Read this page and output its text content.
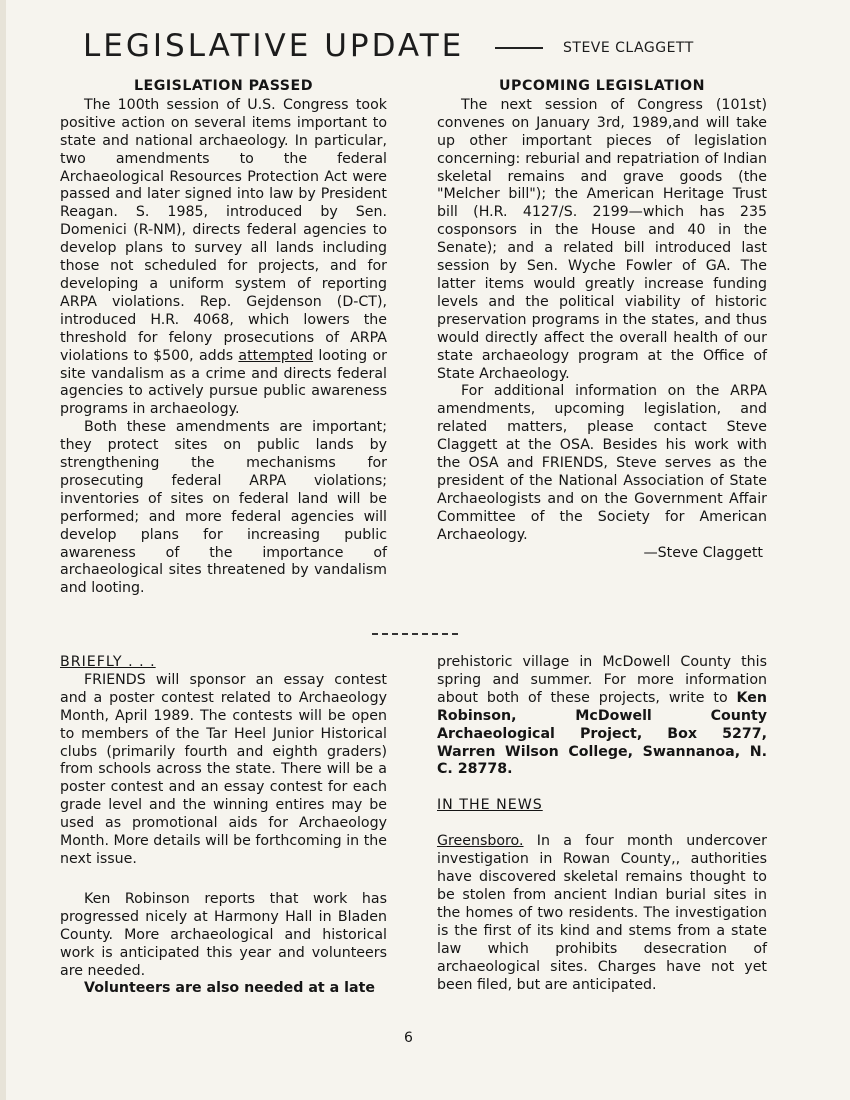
LEGISLATIVE UPDATE	STEVE CLAGGETT
LEGISLATION PASSED

The 100th session of U.S. Congress took positive action on several items important to state and national archaeology. In particular, two amendments to the federal Archaeological Resources Protection Act were passed and later signed into law by President Reagan. S. 1985, introduced by Sen. Domenici (R-NM), directs federal agencies to develop plans to survey all lands including those not scheduled for projects, and for developing a uniform system of reporting ARPA violations. Rep. Gejdenson (D-CT), introduced H.R. 4068, which lowers the threshold for felony prosecutions of ARPA violations to $500, adds attempted looting or site vandalism as a crime and directs federal agencies to actively pursue public awareness programs in archaeology.

Both these amendments are important; they protect sites on public lands by strengthening the mechanisms for prosecuting federal ARPA violations; inventories of sites on federal land will be performed; and more federal agencies will develop plans for increasing public awareness of the importance of archaeological sites threatened by vandalism and looting.

UPCOMING LEGISLATION

The next session of Congress (101st) convenes on January 3rd, 1989,and will take up other important pieces of legislation concerning: reburial and repatriation of Indian skeletal remains and grave goods (the "Melcher bill"); the American Heritage Trust bill (H.R. 4127/S. 2199—which has 235 cosponsors in the House and 40 in the Senate); and a related bill introduced last session by Sen. Wyche Fowler of GA. The latter items would greatly increase funding levels and the political viability of historic preservation programs in the states, and thus would directly affect the overall health of our state archaeology program at the Office of State Archaeology.

For additional information on the ARPA amendments, upcoming legislation, and related matters, please contact Steve Claggett at the OSA. Besides his work with the OSA and FRIENDS, Steve serves as the president of the National Association of State Archaeologists and on the Government Affair Committee of the Society for American Archaeology.

—Steve Claggett
BRIEFLY . . .

FRIENDS will sponsor an essay contest and a poster contest related to Archaeology Month, April 1989. The contests will be open to members of the Tar Heel Junior Historical clubs (primarily fourth and eighth graders) from schools across the state. There will be a poster contest and an essay contest for each grade level and the winning entires may be used as promotional aids for Archaeology Month. More details will be forthcoming in the next issue.

Ken Robinson reports that work has progressed nicely at Harmony Hall in Bladen County. More archaeological and historical work is anticipated this year and volunteers are needed.

Volunteers are also needed at a late

prehistoric village in McDowell County this spring and summer. For more information about both of these projects, write to Ken Robinson, McDowell County Archaeological Project, Box 5277, Warren Wilson College, Swannanoa, N. C. 28778.

IN THE NEWS

Greensboro. In a four month undercover investigation in Rowan County,, authorities have discovered skeletal remains thought to be stolen from ancient Indian burial sites in the homes of two residents. The investigation is the first of its kind and stems from a state law which prohibits desecration of archaeological sites. Charges have not yet been filed, but are anticipated.

6
